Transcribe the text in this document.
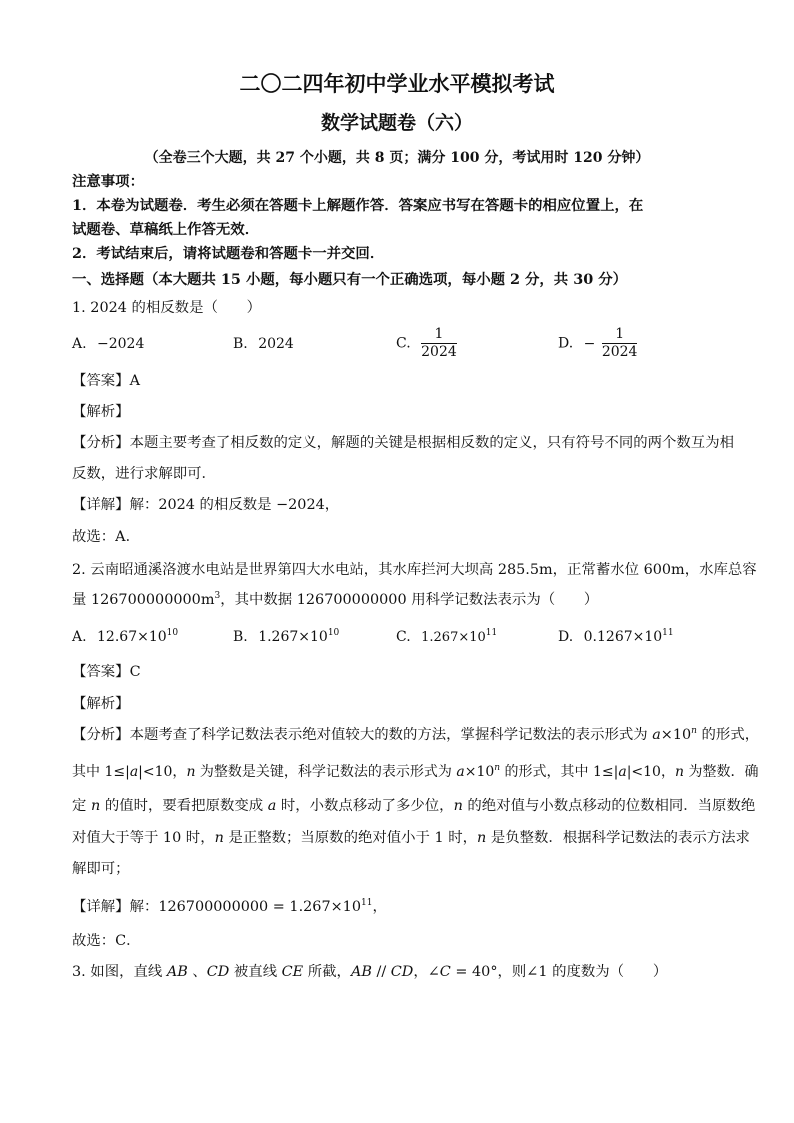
二〇二四年初中学业水平模拟考试
数学试题卷（六）
（全卷三个大题，共 27 个小题，共 8 页；满分 100 分，考试用时 120 分钟）
注意事项：
1．本卷为试题卷．考生必须在答题卡上解题作答．答案应书写在答题卡的相应位置上，在
试题卷、草稿纸上作答无效．
2．考试结束后，请将试题卷和答题卡一并交回．
一、选择题（本大题共 15 小题，每小题只有一个正确选项，每小题 2 分，共 30 分）
1. 2024 的相反数是（　　）
A. −2024	B. 2024	C. $\frac{1}{2024}$	D. − $\frac{1}{2024}$
【答案】A
【解析】
【分析】本题主要考查了相反数的定义，解题的关键是根据相反数的定义，只有符号不同的两个数互为相
反数，进行求解即可．
【详解】解：2024 的相反数是 −2024，
故选：A．
2. 云南昭通溪洛渡水电站是世界第四大水电站，其水库拦河大坝高 285.5m，正常蓄水位 600m，水库总容
量 $126700000000m^3$，其中数据 126700000000 用科学记数法表示为（　　）
A. $12.67\times 10^{10}$	B. $1.267\times 10^{10}$	C. $1.267\times 10^{11}$	D. $0.1267\times 10^{11}$
【答案】C
【解析】
【分析】本题考查了科学记数法表示绝对值较大的数的方法，掌握科学记数法的表示形式为 $a\times 10^n$ 的形式，
其中 1≤|a|<10，n 为整数是关键，科学记数法的表示形式为 $a\times 10^n$ 的形式，其中 1≤|a|<10，n 为整数．确
定 n 的值时，要看把原数变成 a 时，小数点移动了多少位，n 的绝对值与小数点移动的位数相同．当原数绝
对值大于等于 10 时，n 是正整数；当原数的绝对值小于 1 时，n 是负整数．根据科学记数法的表示方法求
解即可；
【详解】解：$126700000000 = 1.267\times 10^{11}$，
故选：C．
3. 如图，直线 AB 、CD 被直线 CE 所截，AB // CD，∠C = 40°，则∠1 的度数为（　　）
